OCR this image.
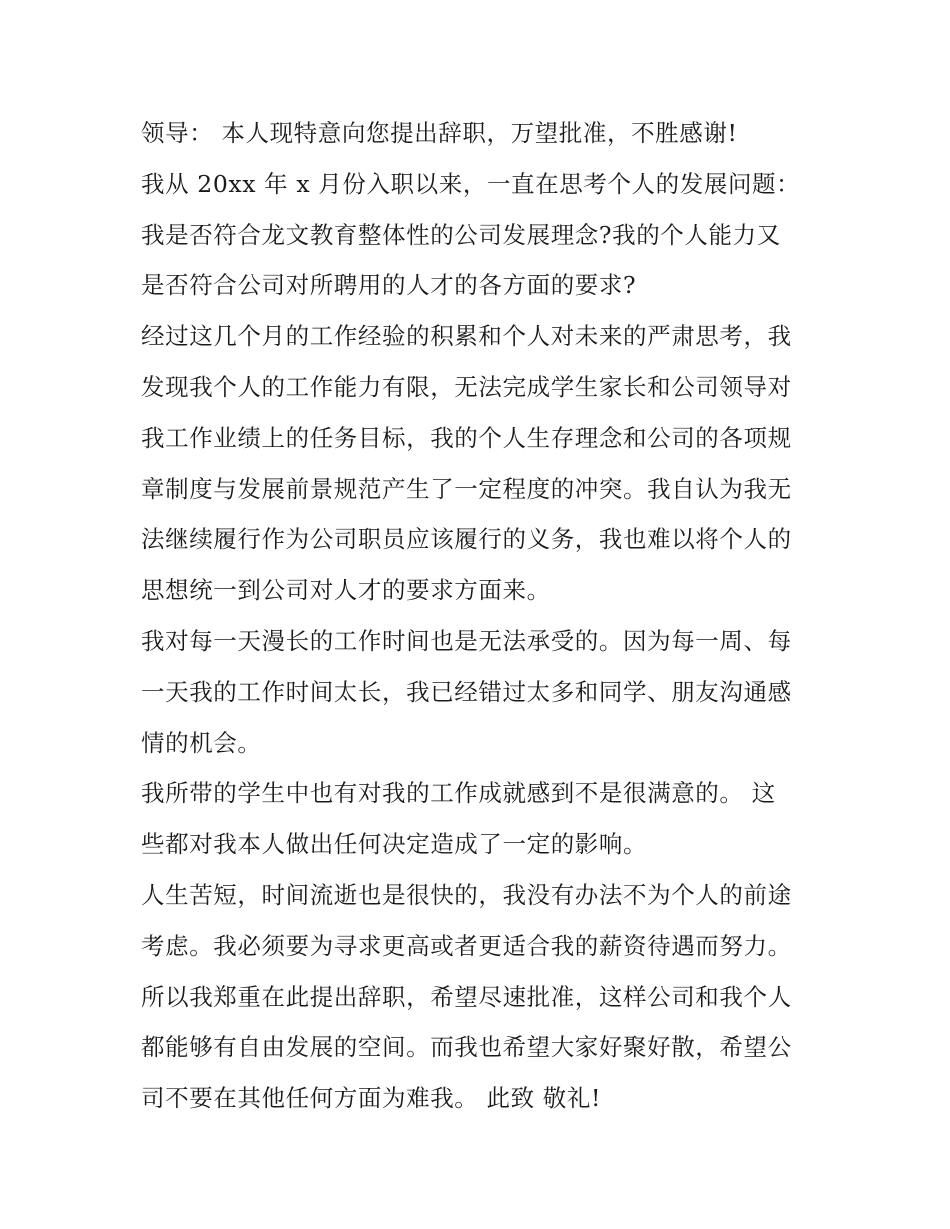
领导： 本人现特意向您提出辞职，万望批准，不胜感谢!

我从 20xx 年 x 月份入职以来，一直在思考个人的发展问题：

我是否符合龙文教育整体性的公司发展理念?我的个人能力又

是否符合公司对所聘用的人才的各方面的要求?

经过这几个月的工作经验的积累和个人对未来的严肃思考，我

发现我个人的工作能力有限，无法完成学生家长和公司领导对

我工作业绩上的任务目标，我的个人生存理念和公司的各项规

章制度与发展前景规范产生了一定程度的冲突。我自认为我无

法继续履行作为公司职员应该履行的义务，我也难以将个人的

思想统一到公司对人才的要求方面来。

我对每一天漫长的工作时间也是无法承受的。因为每一周、每

一天我的工作时间太长，我已经错过太多和同学、朋友沟通感

情的机会。

我所带的学生中也有对我的工作成就感到不是很满意的。 这

些都对我本人做出任何决定造成了一定的影响。

人生苦短，时间流逝也是很快的，我没有办法不为个人的前途

考虑。我必须要为寻求更高或者更适合我的薪资待遇而努力。

所以我郑重在此提出辞职，希望尽速批准，这样公司和我个人

都能够有自由发展的空间。而我也希望大家好聚好散，希望公

司不要在其他任何方面为难我。 此致 敬礼!
